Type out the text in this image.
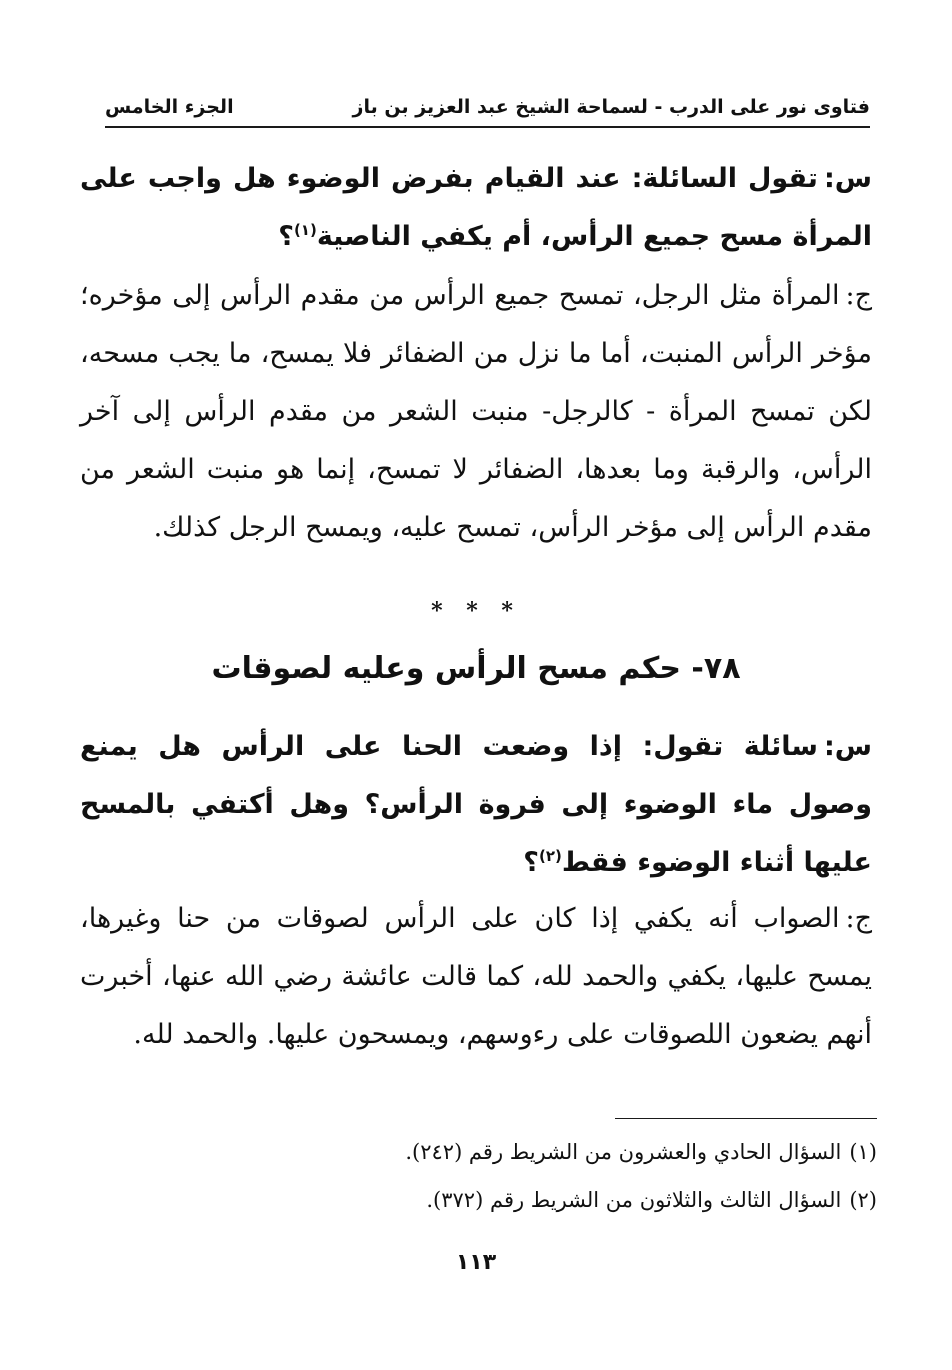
فتاوى نور على الدرب - لسماحة الشيخ عبد العزيز بن باز
الجزء الخامس
س:تقول السائلة: عند القيام بفرض الوضوء هل واجب على المرأة مسح جميع الرأس، أم يكفي الناصية$^{(١)}$؟
ج:المرأة مثل الرجل، تمسح جميع الرأس من مقدم الرأس إلى مؤخره؛ مؤخر الرأس المنبت، أما ما نزل من الضفائر فلا يمسح، ما يجب مسحه، لكن تمسح المرأة - كالرجل- منبت الشعر من مقدم الرأس إلى آخر الرأس، والرقبة وما بعدها، الضفائر لا تمسح، إنما هو منبت الشعر من مقدم الرأس إلى مؤخر الرأس، تمسح عليه، ويمسح الرجل كذلك.
* * *
٧٨- حكم مسح الرأس وعليه لصوقات
س:سائلة تقول: إذا وضعت الحنا على الرأس هل يمنع وصول ماء الوضوء إلى فروة الرأس؟ وهل أكتفي بالمسح عليها أثناء الوضوء فقط$^{(٢)}$؟
ج:الصواب أنه يكفي إذا كان على الرأس لصوقات من حنا وغيرها، يمسح عليها، يكفي والحمد لله، كما قالت عائشة رضي الله عنها، أخبرت أنهم يضعون اللصوقات على رءوسهم، ويمسحون عليها. والحمد لله.
(١)السؤال الحادي والعشرون من الشريط رقم (٢٤٢).
(٢)السؤال الثالث والثلاثون من الشريط رقم (٣٧٢).
١١٣
